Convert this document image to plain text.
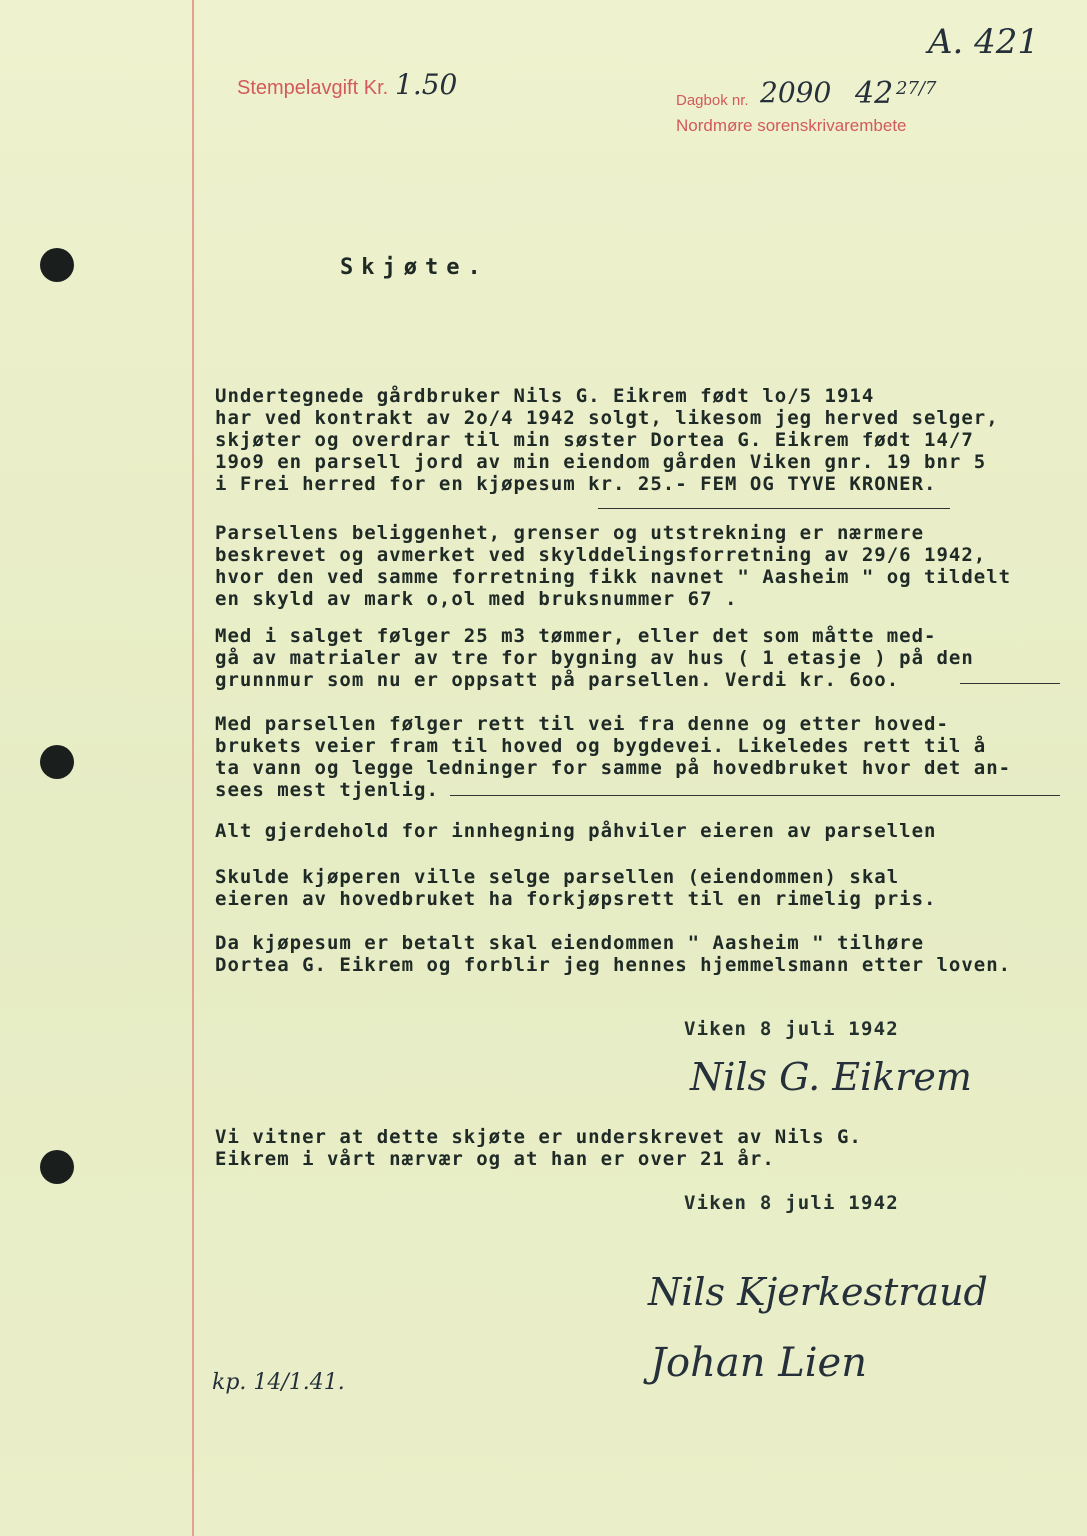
A. 421
Stempelavgift Kr. 1.50	Dagbok nr. 2090 42 27/7
Nordmøre sorenskrivarembete
Skjøte.
Undertegnede gårdbruker Nils G. Eikrem født lo/5 1914
har ved kontrakt av 2o/4 1942 solgt, likesom jeg herved selger,
skjøter og overdrar til min søster Dortea G. Eikrem født 14/7
19o9 en parsell jord av min eiendom gården Viken gnr. 19 bnr 5
i Frei herred for en kjøpesum kr. 25.- FEM OG TYVE KRONER.
Parsellens beliggenhet, grenser og utstrekning er nærmere
beskrevet og avmerket ved skylddelingsforretning av 29/6 1942,
hvor den ved samme forretning fikk navnet " Aasheim " og tildelt
en skyld av mark o,ol med bruksnummer 67 .
Med i salget følger 25 m3 tømmer, eller det som måtte med-
gå av matrialer av tre for bygning av hus ( 1 etasje ) på den
grunnmur som nu er oppsatt på parsellen. Verdi kr. 6oo.
Med parsellen følger rett til vei fra denne og etter hoved-
brukets veier fram til hoved og bygdevei. Likeledes rett til å
ta vann og legge ledninger for samme på hovedbruket hvor det an-
sees mest tjenlig.
Alt gjerdehold for innhegning påhviler eieren av parsellen
Skulde kjøperen ville selge parsellen (eiendommen) skal
eieren av hovedbruket ha forkjøpsrett til en rimelig pris.
Da kjøpesum er betalt skal eiendommen " Aasheim " tilhøre
Dortea G. Eikrem og forblir jeg hennes hjemmelsmann etter loven.
Viken 8 juli 1942
Nils G. Eikrem
Vi vitner at dette skjøte er underskrevet av Nils G.
Eikrem i vårt nærvær og at han er over 21 år.
Viken 8 juli 1942
Nils Kjerkestraud
Johan Lien
kp. 14/1.41.
